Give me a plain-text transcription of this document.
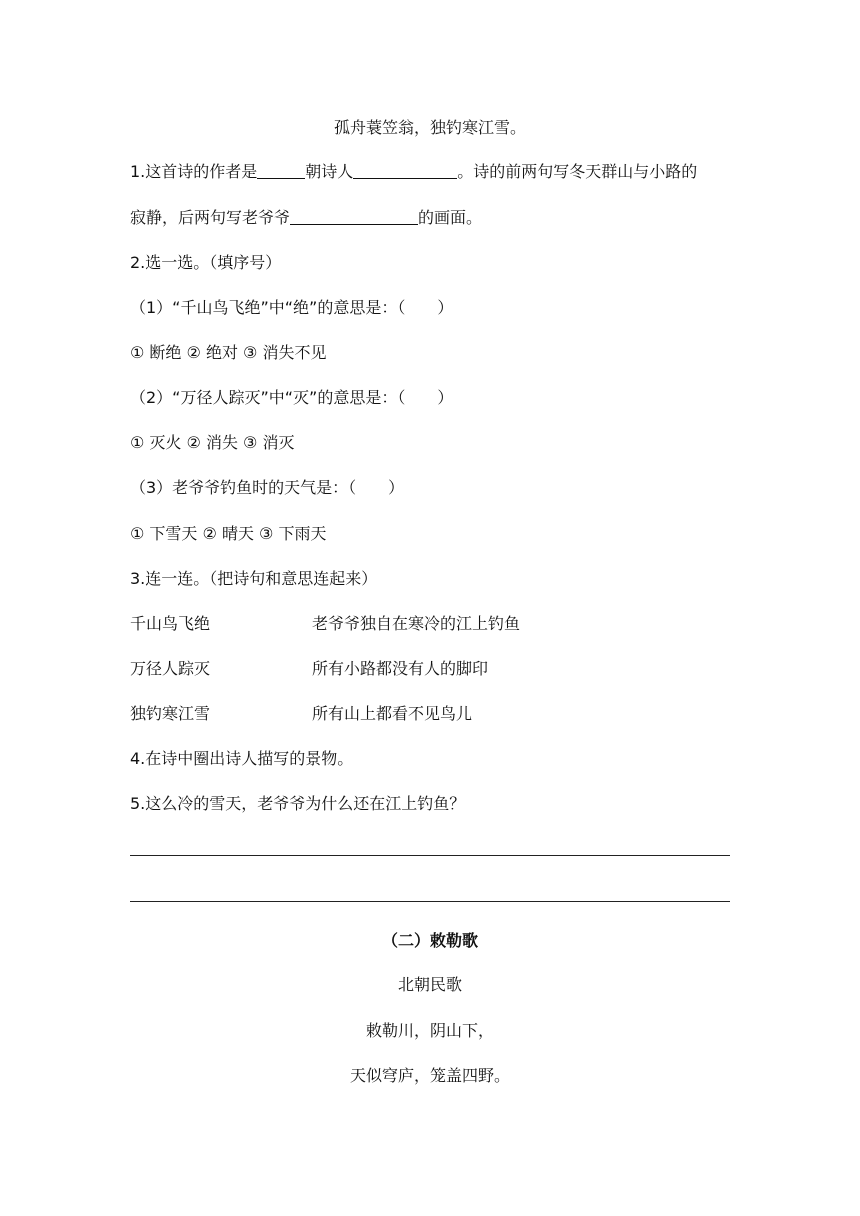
孤舟蓑笠翁，独钓寒江雪。
1.这首诗的作者是	朝诗人	。诗的前两句写冬天群山与小路的
寂静，后两句写老爷爷	的画面。
2.选一选。（填序号）
（1）“千山鸟飞绝”中“绝”的意思是：（　　）
① 断绝 ② 绝对 ③ 消失不见
（2）“万径人踪灭”中“灭”的意思是：（　　）
① 灭火 ② 消失 ③ 消灭
（3）老爷爷钓鱼时的天气是：（　　）
① 下雪天 ② 晴天 ③ 下雨天
3.连一连。（把诗句和意思连起来）
千山鸟飞绝	老爷爷独自在寒冷的江上钓鱼
万径人踪灭	所有小路都没有人的脚印
独钓寒江雪	所有山上都看不见鸟儿
4.在诗中圈出诗人描写的景物。
5.这么冷的雪天，老爷爷为什么还在江上钓鱼？
（二）敕勒歌
北朝民歌
敕勒川，阴山下，
天似穹庐，笼盖四野。
